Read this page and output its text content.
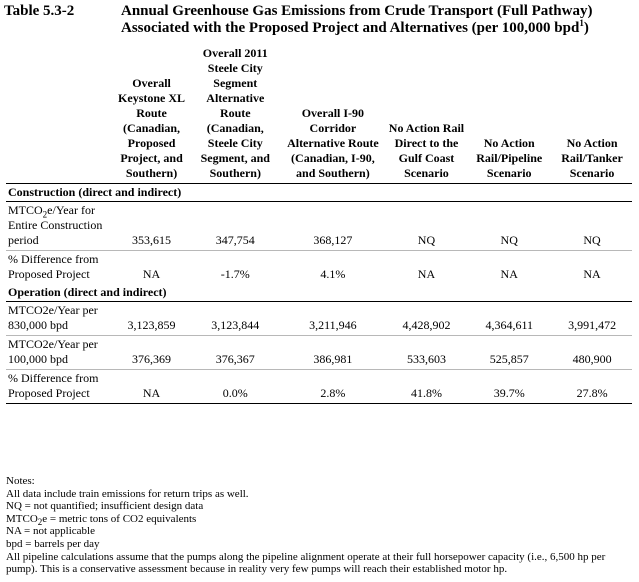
Table 5.3-2	Annual Greenhouse Gas Emissions from Crude Transport (Full Pathway) Associated with the Proposed Project and Alternatives (per 100,000 bpd$^1$)
	Overall Keystone XL Route (Canadian, Proposed Project, and Southern)	Overall 2011 Steele City Segment Alternative Route (Canadian, Steele City Segment, and Southern)	Overall I-90 Corridor Alternative Route (Canadian, I-90, and Southern)	No Action Rail Direct to the Gulf Coast Scenario	No Action Rail/Pipeline Scenario	No Action Rail/Tanker Scenario
Construction (direct and indirect)						
$MTCO_2e$/Year for Entire Construction period	353,615	347,754	368,127	NQ	NQ	NQ
% Difference from Proposed Project	NA	-1.7%	4.1%	NA	NA	NA
Operation (direct and indirect)						
MTCO2e/Year per 830,000 bpd	3,123,859	3,123,844	3,211,946	4,428,902	4,364,611	3,991,472
MTCO2e/Year per 100,000 bpd	376,369	376,367	386,981	533,603	525,857	480,900
% Difference from Proposed Project	NA	0.0%	2.8%	41.8%	39.7%	27.8%
Notes:
All data include train emissions for return trips as well.
NQ = not quantified; insufficient design data
$MTCO_2e$ = metric tons of CO2 equivalents
NA = not applicable
bpd = barrels per day
All pipeline calculations assume that the pumps along the pipeline alignment operate at their full horsepower capacity (i.e., 6,500 hp per pump). This is a conservative assessment because in reality very few pumps will reach their established motor hp.
